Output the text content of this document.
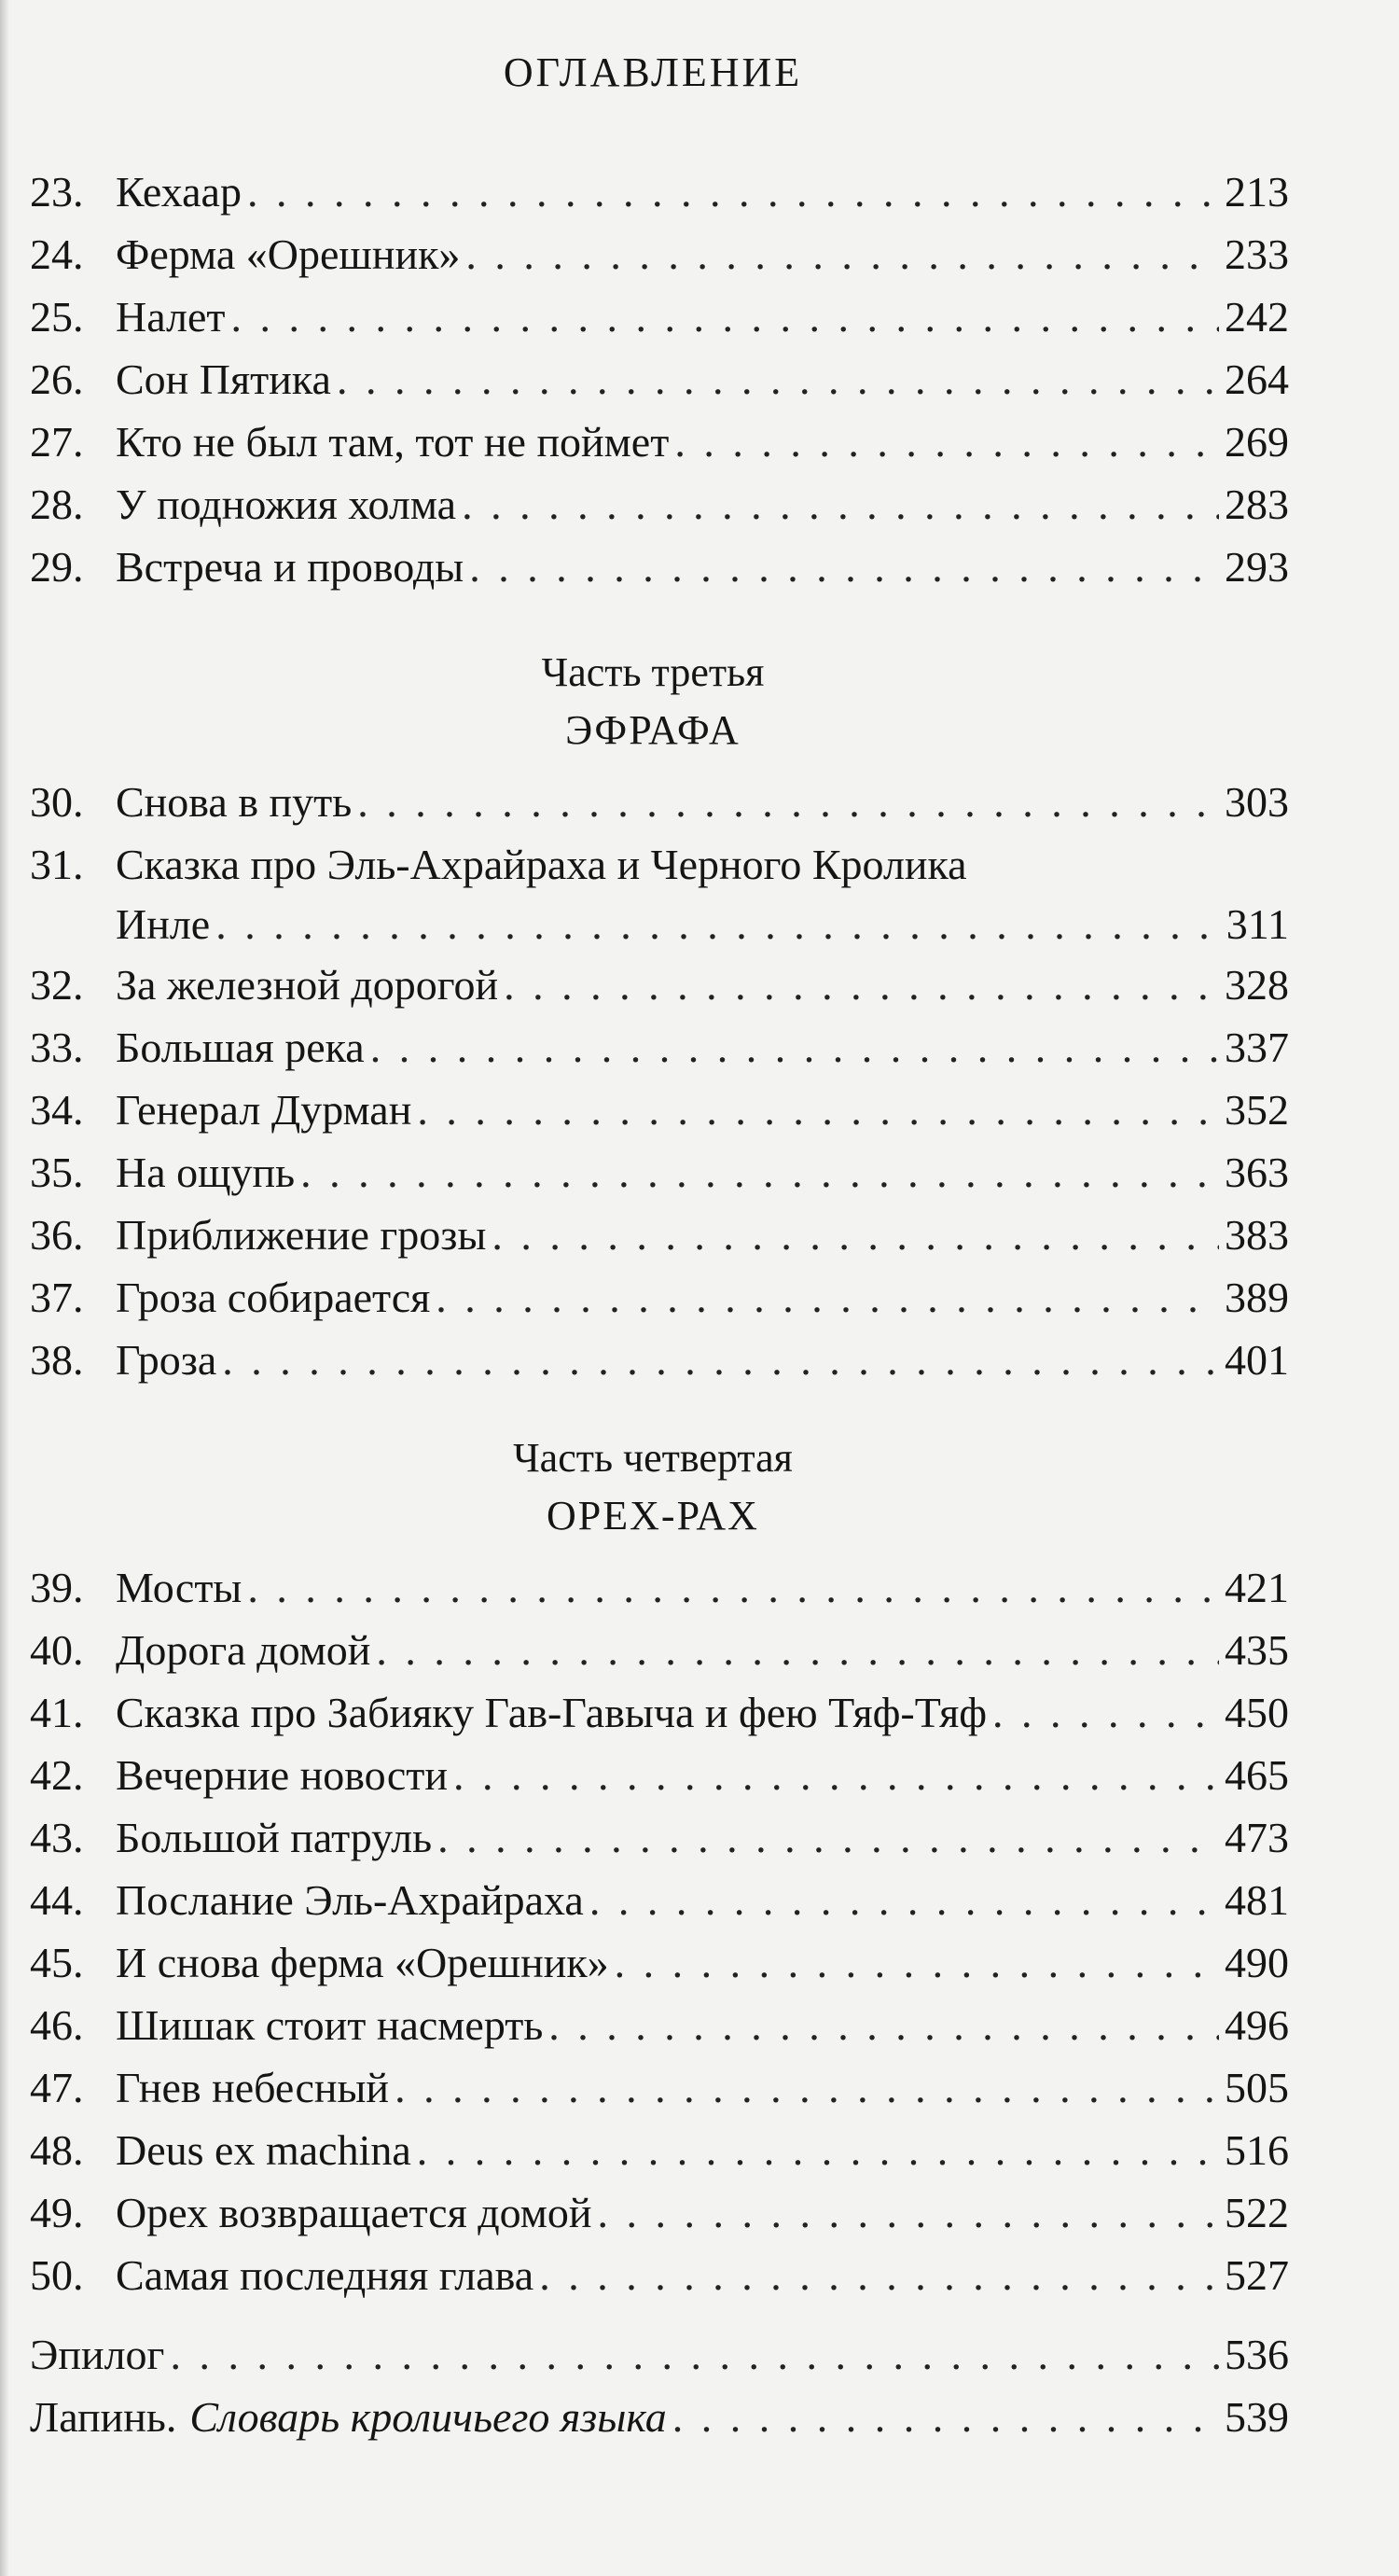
ОГЛАВЛЕНИЕ
23. Кехаар . . .	213
24. Ферма «Орешник» . . .	233
25. Налет . . .	242
26. Сон Пятика . . .	264
27. Кто не был там, тот не поймет . . .	269
28. У подножия холма . . .	283
29. Встреча и проводы . . .	293
Часть третья
ЭФРАФА
30. Снова в путь . . .	303
31. Сказка про Эль-Ахрайраха и Черного Кролика
Инле . . .	311
32. За железной дорогой . . .	328
33. Большая река . . .	337
34. Генерал Дурман . . .	352
35. На ощупь . . .	363
36. Приближение грозы . . .	383
37. Гроза собирается . . .	389
38. Гроза . . .	401
Часть четвертая
ОРЕХ-РАХ
39. Мосты . . .	421
40. Дорога домой . . .	435
41. Сказка про Забияку Гав-Гавыча и фею Тяф-Тяф . . .	450
42. Вечерние новости . . .	465
43. Большой патруль . . .	473
44. Послание Эль-Ахрайраха . . .	481
45. И снова ферма «Орешник» . . .	490
46. Шишак стоит насмерть . . .	496
47. Гнев небесный . . .	505
48. Deus ex machina . . .	516
49. Орех возвращается домой . . .	522
50. Самая последняя глава . . .	527
Эпилог . . .	536
Лапинь. Словарь кроличьего языка . . .	539
